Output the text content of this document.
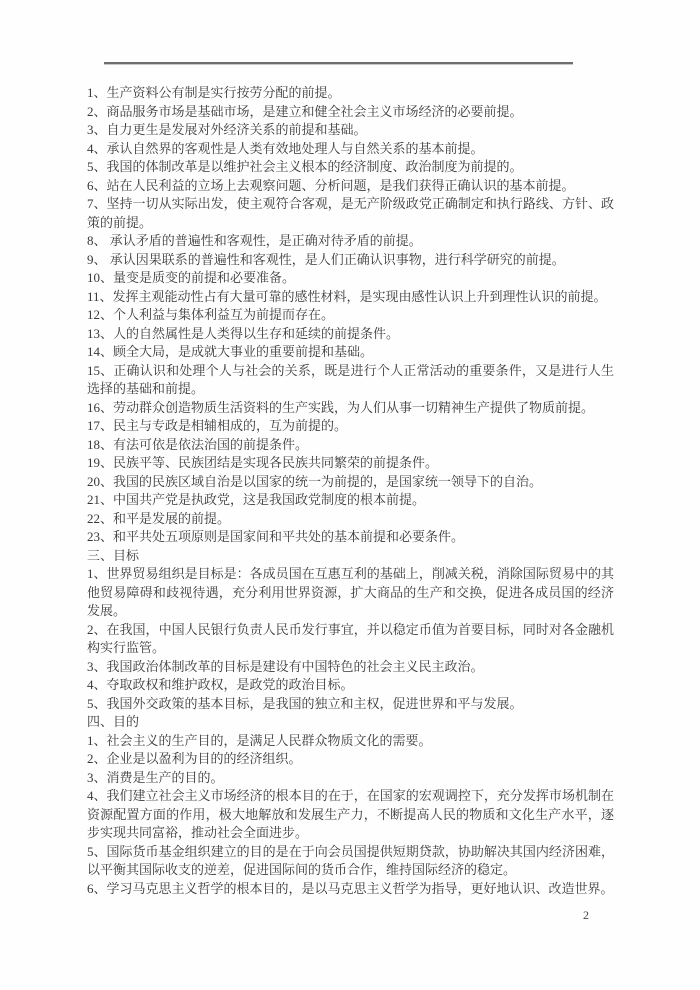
1、生产资料公有制是实行按劳分配的前提。

2、商品服务市场是基础市场，是建立和健全社会主义市场经济的必要前提。

3、自力更生是发展对外经济关系的前提和基础。

4、承认自然界的客观性是人类有效地处理人与自然关系的基本前提。

5、我国的体制改革是以维护社会主义根本的经济制度、政治制度为前提的。

6、站在人民利益的立场上去观察问题、分析问题，是我们获得正确认识的基本前提。

7、坚持一切从实际出发，使主观符合客观，是无产阶级政党正确制定和执行路线、方针、政策的前提。

8、 承认矛盾的普遍性和客观性，是正确对待矛盾的前提。

9、 承认因果联系的普遍性和客观性，是人们正确认识事物，进行科学研究的前提。

10、量变是质变的前提和必要准备。

11、发挥主观能动性占有大量可靠的感性材料，是实现由感性认识上升到理性认识的前提。

12、个人利益与集体利益互为前提而存在。

13、人的自然属性是人类得以生存和延续的前提条件。

14、顾全大局，是成就大事业的重要前提和基础。

15、正确认识和处理个人与社会的关系，既是进行个人正常活动的重要条件，又是进行人生选择的基础和前提。

16、劳动群众创造物质生活资料的生产实践，为人们从事一切精神生产提供了物质前提。

17、民主与专政是相辅相成的，互为前提的。

18、有法可依是依法治国的前提条件。

19、民族平等、民族团结是实现各民族共同繁荣的前提条件。

20、我国的民族区域自治是以国家的统一为前提的，是国家统一领导下的自治。

21、中国共产党是执政党，这是我国政党制度的根本前提。

22、和平是发展的前提。

23、和平共处五项原则是国家间和平共处的基本前提和必要条件。

三、目标

1、世界贸易组织是目标是：各成员国在互惠互利的基础上，削减关税，消除国际贸易中的其他贸易障碍和歧视待遇，充分利用世界资源，扩大商品的生产和交换，促进各成员国的经济发展。

2、在我国，中国人民银行负责人民币发行事宜，并以稳定币值为首要目标，同时对各金融机构实行监管。

3、我国政治体制改革的目标是建设有中国特色的社会主义民主政治。

4、夺取政权和维护政权，是政党的政治目标。

5、我国外交政策的基本目标，是我国的独立和主权，促进世界和平与发展。

四、目的

1、社会主义的生产目的，是满足人民群众物质文化的需要。

2、企业是以盈利为目的的经济组织。

3、消费是生产的目的。

4、我们建立社会主义市场经济的根本目的在于，在国家的宏观调控下，充分发挥市场机制在资源配置方面的作用，极大地解放和发展生产力，不断提高人民的物质和文化生产水平，逐步实现共同富裕，推动社会全面进步。

5、国际货币基金组织建立的目的是在于向会员国提供短期贷款，协助解决其国内经济困难，以平衡其国际收支的逆差，促进国际间的货币合作，维持国际经济的稳定。

6、学习马克思主义哲学的根本目的，是以马克思主义哲学为指导，更好地认识、改造世界。

2
